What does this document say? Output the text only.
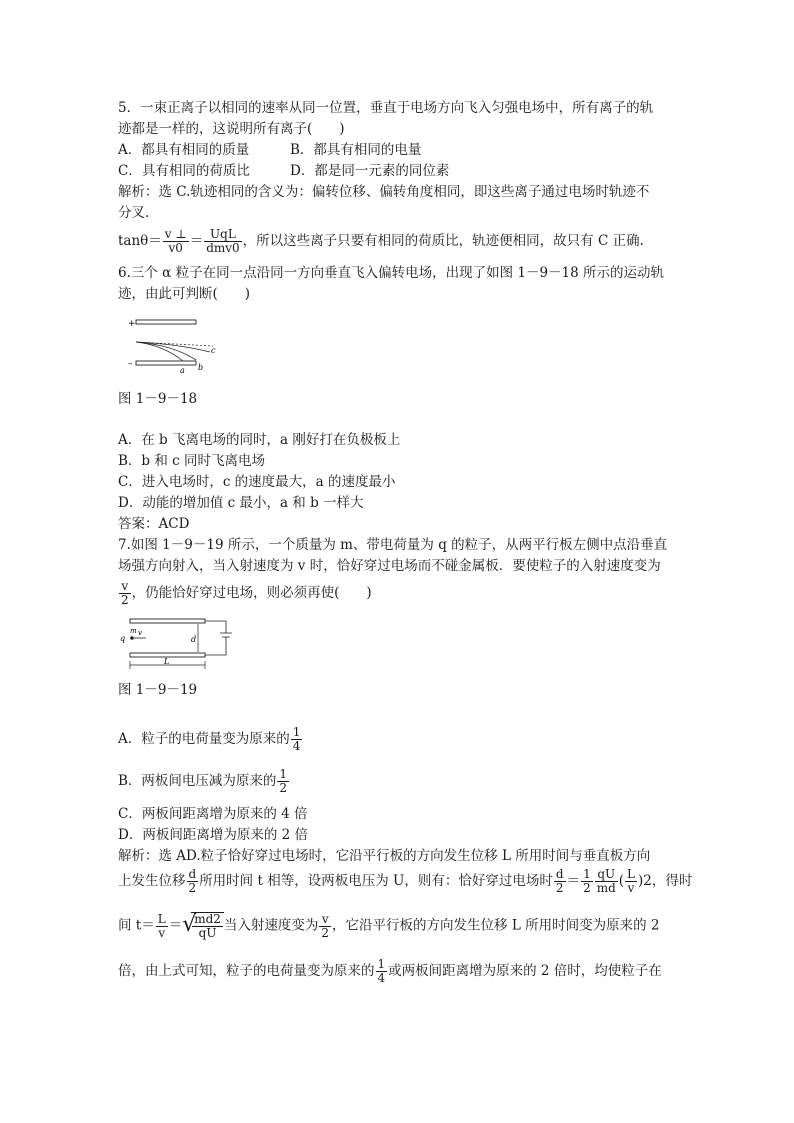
5．一束正离子以相同的速率从同一位置，垂直于电场方向飞入匀强电场中，所有离子的轨
迹都是一样的，这说明所有离子(　　)
A．都具有相同的质量	B．都具有相同的电量
C．具有相同的荷质比	D．都是同一元素的同位素
解析：选 C.轨迹相同的含义为：偏转位移、偏转角度相同，即这些离子通过电场时轨迹不
分叉.
$\tan\theta= \frac{v \perp}{v0} = \frac{\text{UqL}}{\text{dmv0}}$ ，所以这些离子只要有相同的荷质比，轨迹便相同，故只有 C 正确.
6.三个 α 粒子在同一点沿同一方向垂直飞入偏转电场，出现了如图 1－9－18 所示的运动轨
迹，由此可判断(　　)
+
–
a b
c
图 1－9－18
A．在 b 飞离电场的同时，a 刚好打在负极板上
B．b 和 c 同时飞离电场
C．进入电场时，c 的速度最大，a 的速度最小
D．动能的增加值 c 最小，a 和 b 一样大
答案：ACD
7.如图 1－9－19 所示，一个质量为 m、带电荷量为 q 的粒子，从两平行板左侧中点沿垂直
场强方向射入，当入射速度为 v 时，恰好穿过电场而不碰金属板．要使粒子的入射速度变为
$\frac{v}{2}$ ，仍能恰好穿过电场，则必须再使(　　)
d
q
m v
L
图 1－9－19
A．粒子的电荷量变为原来的 $\frac{1}{4}$
B．两板间电压减为原来的 $\frac{1}{2}$
C．两板间距离增为原来的 4 倍
D．两板间距离增为原来的 2 倍
解析：选 AD.粒子恰好穿过电场时，它沿平行板的方向发生位移 L 所用时间与垂直板方向
上发生位移 $\frac{d}{2}$ 所用时间 t 相等，设两板电压为 U，则有：恰好穿过电场时 $\frac{d}{2} = \frac{1}{2} \frac{qU}{md}$ ( $\frac{L}{v} )2$，得时
间 $t= \frac{L}{v}$ ＝ √
$\frac{md2}{qU}$ 当入射速度变为 $\frac{v}{2}$ ，它沿平行板的方向发生位移 L 所用时间变为原来的 2
倍，由上式可知，粒子的电荷量变为原来的 $\frac{1}{4}$ 或两板间距离增为原来的 2 倍时，均使粒子在
